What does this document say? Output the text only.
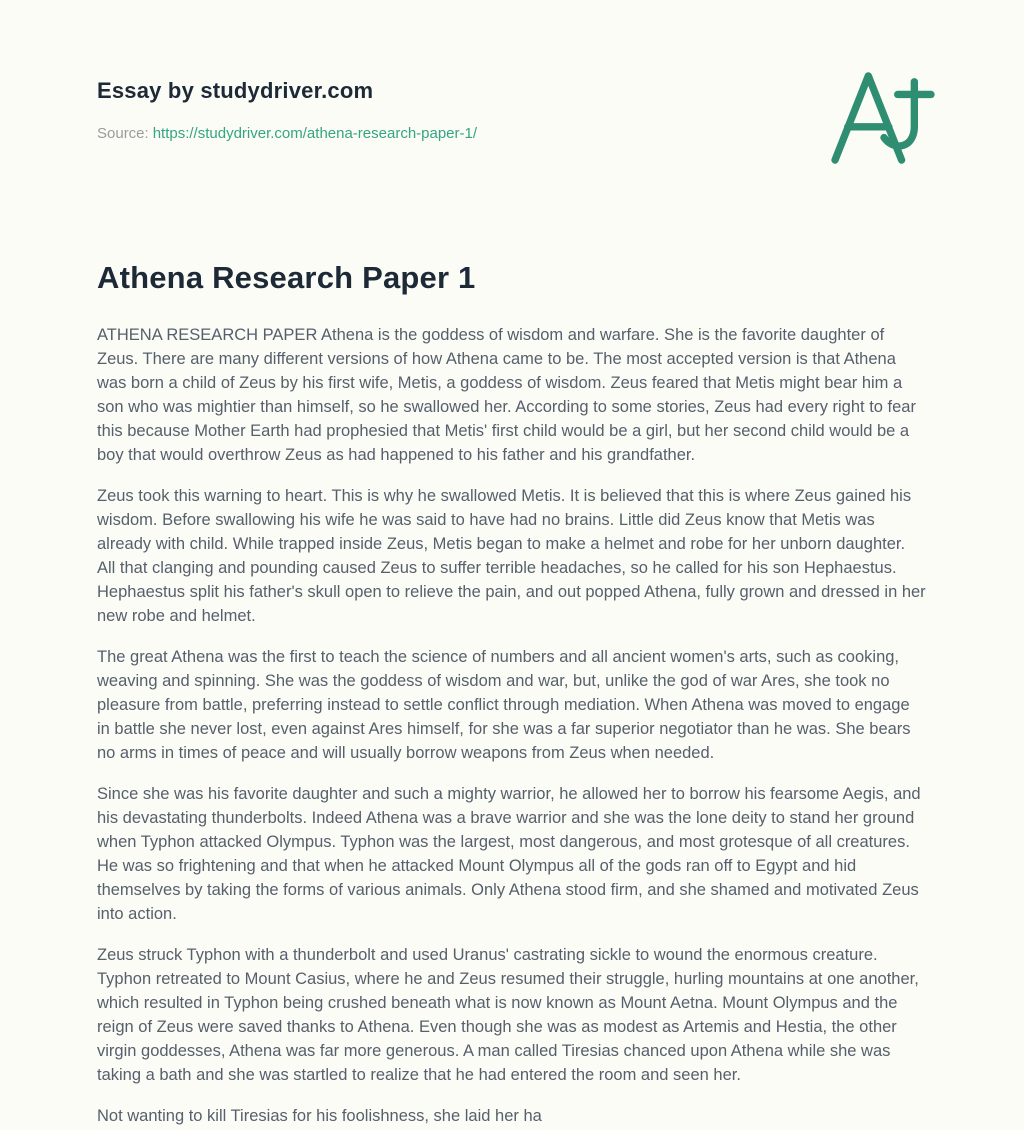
Essay by studydriver.com
Source: https://studydriver.com/athena-research-paper-1/
Athena Research Paper 1

ATHENA RESEARCH PAPER Athena is the goddess of wisdom and warfare. She is the favorite daughter of Zeus. There are many different versions of how Athena came to be. The most accepted version is that Athena was born a child of Zeus by his first wife, Metis, a goddess of wisdom. Zeus feared that Metis might bear him a son who was mightier than himself, so he swallowed her. According to some stories, Zeus had every right to fear this because Mother Earth had prophesied that Metis' first child would be a girl, but her second child would be a boy that would overthrow Zeus as had happened to his father and his grandfather.

Zeus took this warning to heart. This is why he swallowed Metis. It is believed that this is where Zeus gained his wisdom. Before swallowing his wife he was said to have had no brains. Little did Zeus know that Metis was already with child. While trapped inside Zeus, Metis began to make a helmet and robe for her unborn daughter. All that clanging and pounding caused Zeus to suffer terrible headaches, so he called for his son Hephaestus. Hephaestus split his father's skull open to relieve the pain, and out popped Athena, fully grown and dressed in her new robe and helmet.

The great Athena was the first to teach the science of numbers and all ancient women's arts, such as cooking, weaving and spinning. She was the goddess of wisdom and war, but, unlike the god of war Ares, she took no pleasure from battle, preferring instead to settle conflict through mediation. When Athena was moved to engage in battle she never lost, even against Ares himself, for she was a far superior negotiator than he was. She bears no arms in times of peace and will usually borrow weapons from Zeus when needed.

Since she was his favorite daughter and such a mighty warrior, he allowed her to borrow his fearsome Aegis, and his devastating thunderbolts. Indeed Athena was a brave warrior and she was the lone deity to stand her ground when Typhon attacked Olympus. Typhon was the largest, most dangerous, and most grotesque of all creatures. He was so frightening and that when he attacked Mount Olympus all of the gods ran off to Egypt and hid themselves by taking the forms of various animals. Only Athena stood firm, and she shamed and motivated Zeus into action.

Zeus struck Typhon with a thunderbolt and used Uranus' castrating sickle to wound the enormous creature. Typhon retreated to Mount Casius, where he and Zeus resumed their struggle, hurling mountains at one another, which resulted in Typhon being crushed beneath what is now known as Mount Aetna. Mount Olympus and the reign of Zeus were saved thanks to Athena. Even though she was as modest as Artemis and Hestia, the other virgin goddesses, Athena was far more generous. A man called Tiresias chanced upon Athena while she was taking a bath and she was startled to realize that he had entered the room and seen her.

Not wanting to kill Tiresias for his foolishness, she laid her ha
